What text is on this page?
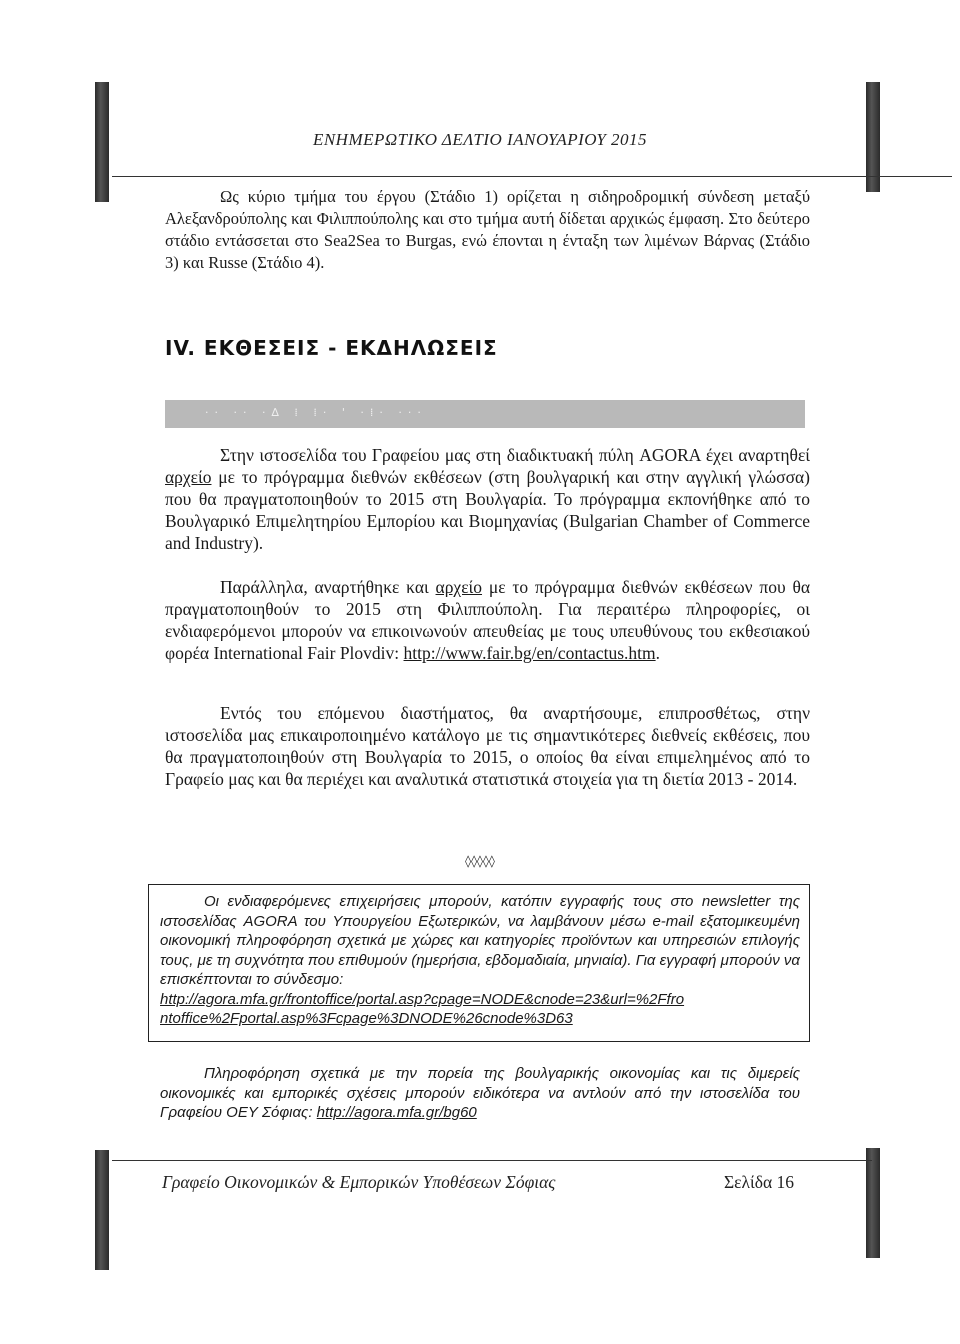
ΕΝΗΜΕΡΩΤΙΚΟ ΔΕΛΤΙΟ ΙΑΝΟΥΑΡΙΟΥ 2015

Ως κύριο τμήμα του έργου (Στάδιο 1) ορίζεται η σιδηροδρομική σύνδεση μεταξύ Αλεξανδρούπολης και Φιλιππούπολης και στο τμήμα αυτή δίδεται αρχικώς έμφαση. Στο δεύτερο στάδιο εντάσσεται στο Sea2Sea το Burgas, ενώ έπονται η ένταξη των λιμένων Βάρνας (Στάδιο 3) και Russe (Στάδιο 4).

IV. ΕΚΘΕΣΕΙΣ - ΕΚΔΗΛΩΣΕΙΣ
·· ·· ·∆ ⁞ ⁞· ' ·⁞· ···

Στην ιστοσελίδα του Γραφείου μας στη διαδικτυακή πύλη AGORA έχει αναρτηθεί αρχείο με το πρόγραμμα διεθνών εκθέσεων (στη βουλγαρική και στην αγγλική γλώσσα) που θα πραγματοποιηθούν το 2015 στη Βουλγαρία. Το πρόγραμμα εκπονήθηκε από το Βουλγαρικό Επιμελητηρίου Εμπορίου και Βιομηχανίας (Bulgarian Chamber of Commerce and Industry).

Παράλληλα, αναρτήθηκε και αρχείο με το πρόγραμμα διεθνών εκθέσεων που θα πραγματοποιηθούν το 2015 στη Φιλιππούπολη. Για περαιτέρω πληροφορίες, οι ενδιαφερόμενοι μπορούν να επικοινωνούν απευθείας με τους υπευθύνους του εκθεσιακού φορέα International Fair Plovdiv: http://www.fair.bg/en/contactus.htm.

Εντός του επόμενου διαστήματος, θα αναρτήσουμε, επιπροσθέτως, στην ιστοσελίδα μας επικαιροποιημένο κατάλογο με τις σημαντικότερες διεθνείς εκθέσεις, που θα πραγματοποιηθούν στη Βουλγαρία το 2015, ο οποίος θα είναι επιμελημένος από το Γραφείο μας και θα περιέχει και αναλυτικά στατιστικά στοιχεία για τη διετία 2013 - 2014.

◊◊◊◊◊

Οι ενδιαφερόμενες επιχειρήσεις μπορούν, κατόπιν εγγραφής τους στο newsletter της ιστοσελίδας AGORA του Υπουργείου Εξωτερικών, να λαμβάνουν μέσω e-mail εξατομικευμένη οικονομική πληροφόρηση σχετικά με χώρες και κατηγορίες προϊόντων και υπηρεσιών επιλογής τους, με τη συχνότητα που επιθυμούν (ημερήσια, εβδομαδιαία, μηνιαία). Για εγγραφή μπορούν να επισκέπτονται το σύνδεσμο:
http://agora.mfa.gr/frontoffice/portal.asp?cpage=NODE&cnode=23&url=%2Ffro
ntoffice%2Fportal.asp%3Fcpage%3DNODE%26cnode%3D63

Πληροφόρηση σχετικά με την πορεία της βουλγαρικής οικονομίας και τις διμερείς οικονομικές και εμπορικές σχέσεις μπορούν ειδικότερα να αντλούν από την ιστοσελίδα του Γραφείου ΟΕΥ Σόφιας: http://agora.mfa.gr/bg60

Γραφείο Οικονομικών & Εμπορικών Υποθέσεων Σόφιας	Σελίδα 16
